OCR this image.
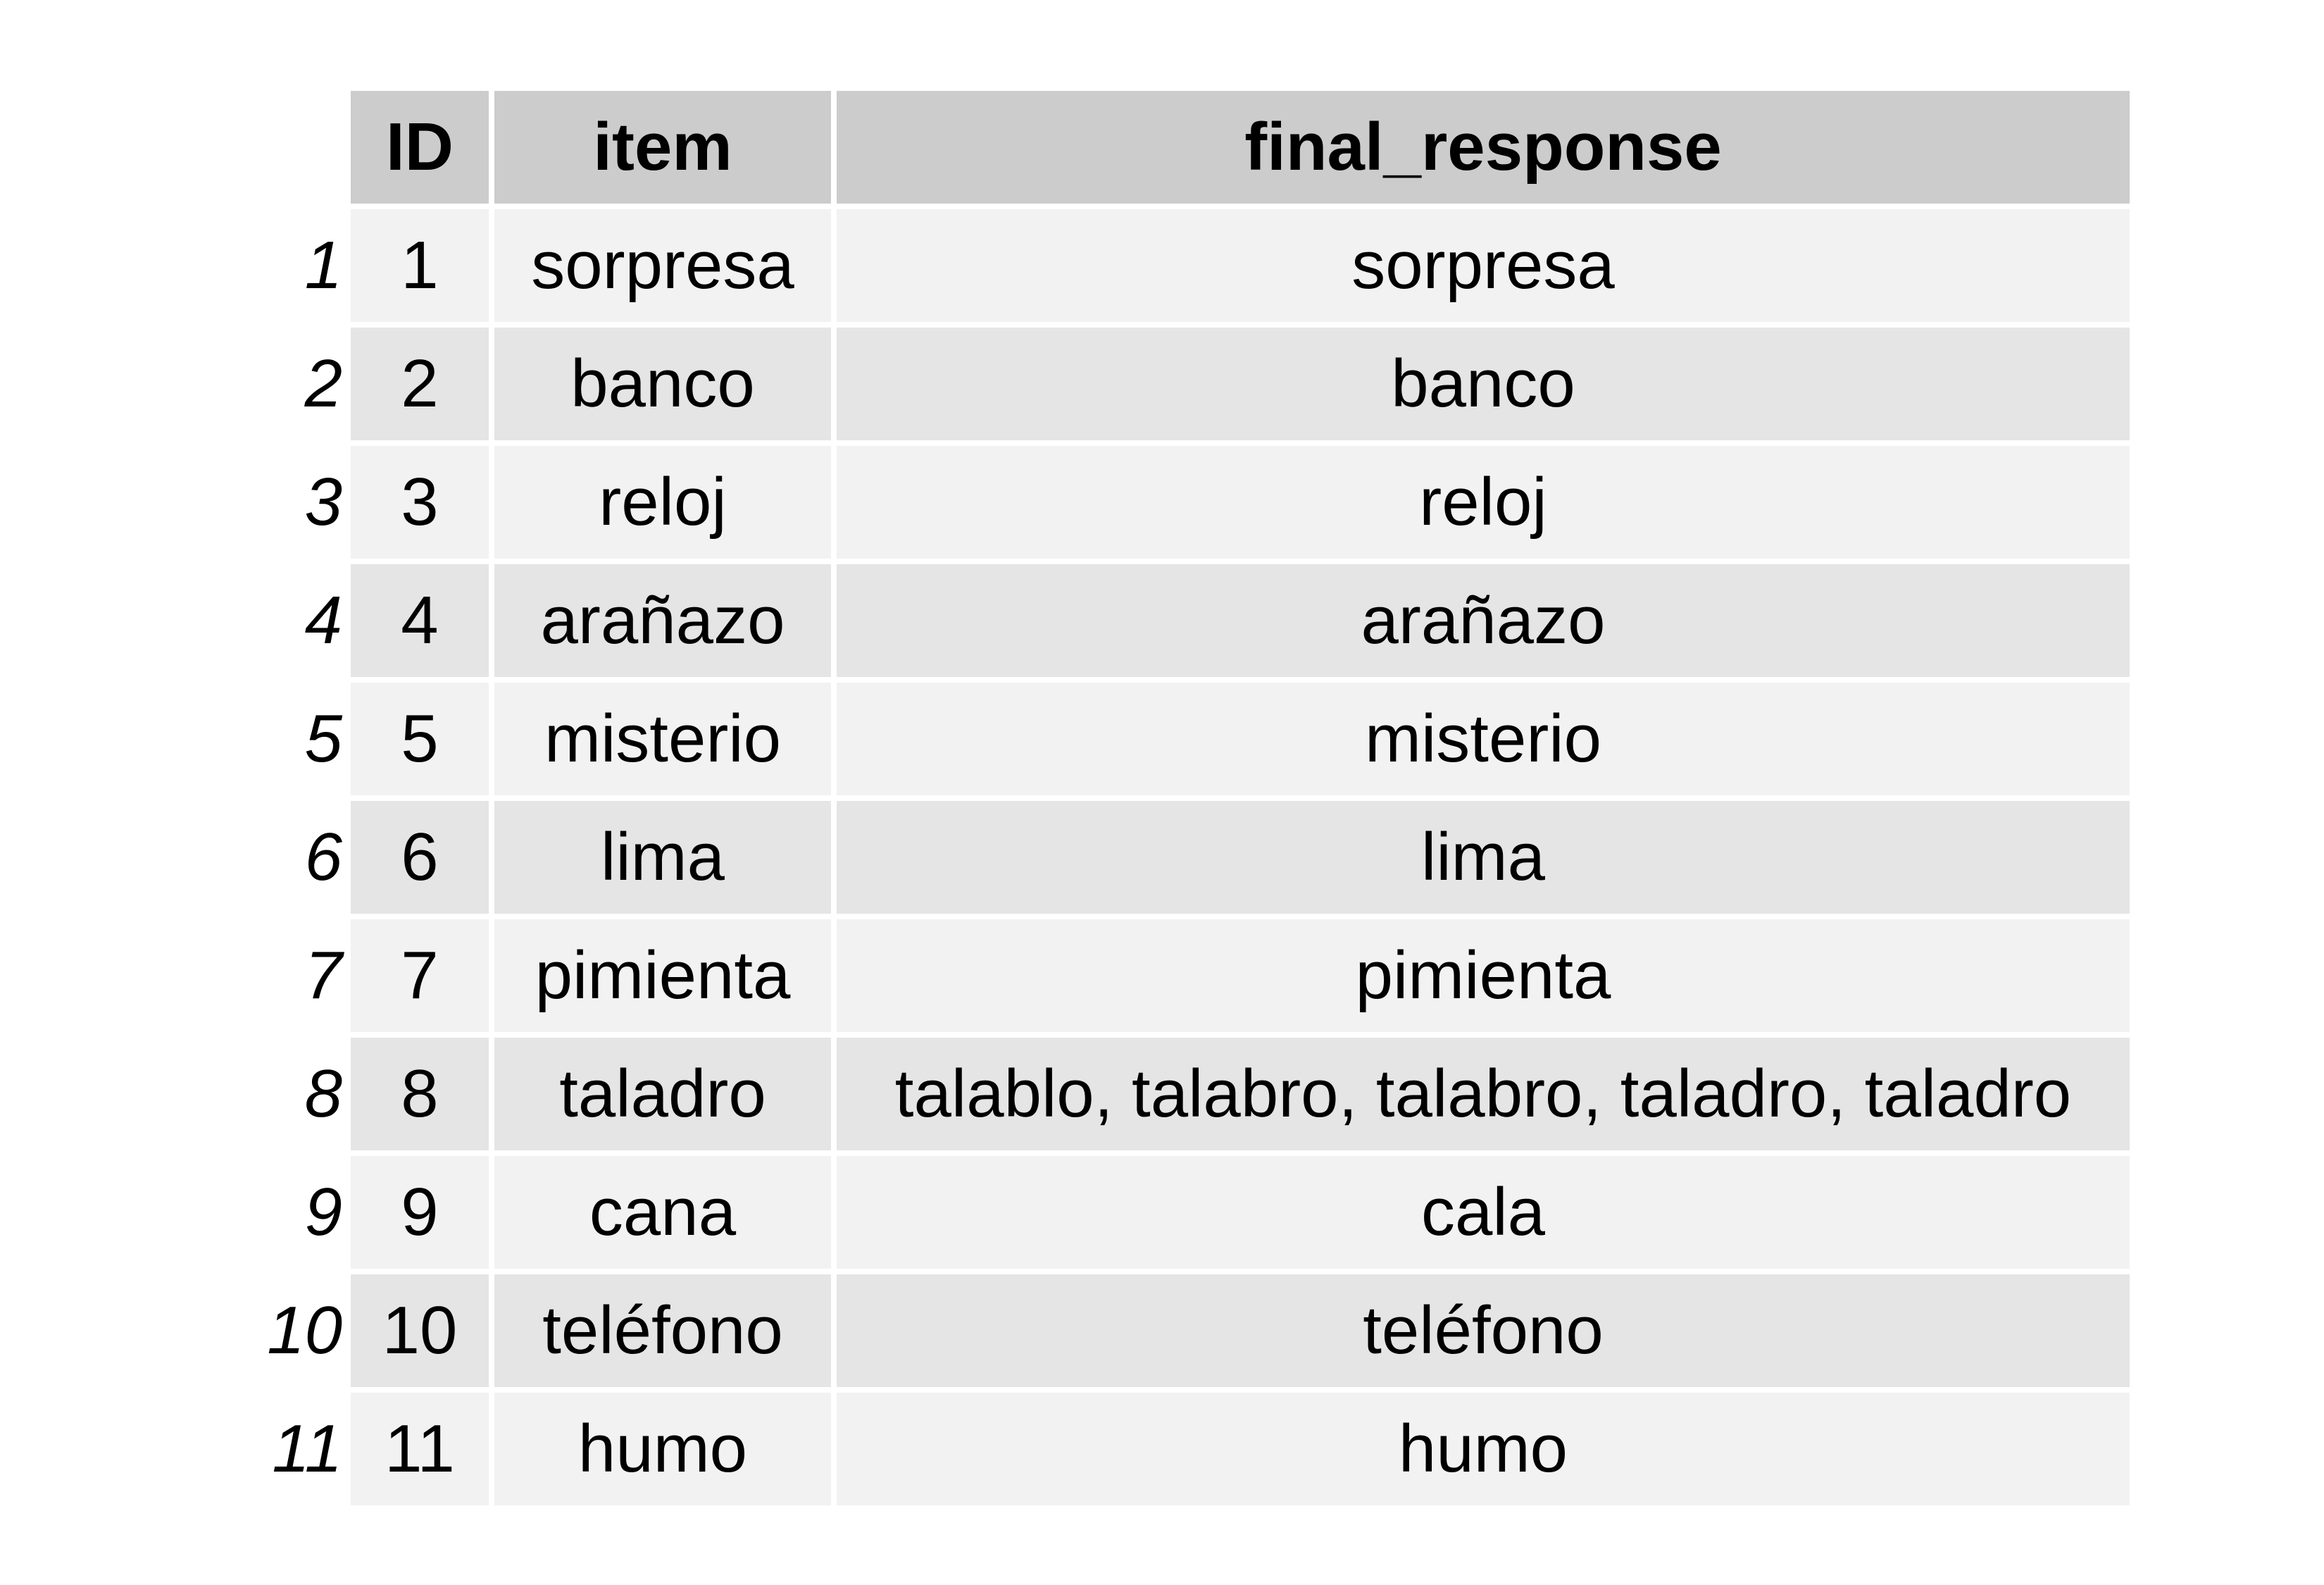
	ID	item	final_response
1	1	sorpresa	sorpresa
2	2	banco	banco
3	3	reloj	reloj
4	4	arañazo	arañazo
5	5	misterio	misterio
6	6	lima	lima
7	7	pimienta	pimienta
8	8	taladro	talablo, talabro, talabro, taladro, taladro
9	9	cana	cala
10	10	teléfono	teléfono
11	11	humo	humo
